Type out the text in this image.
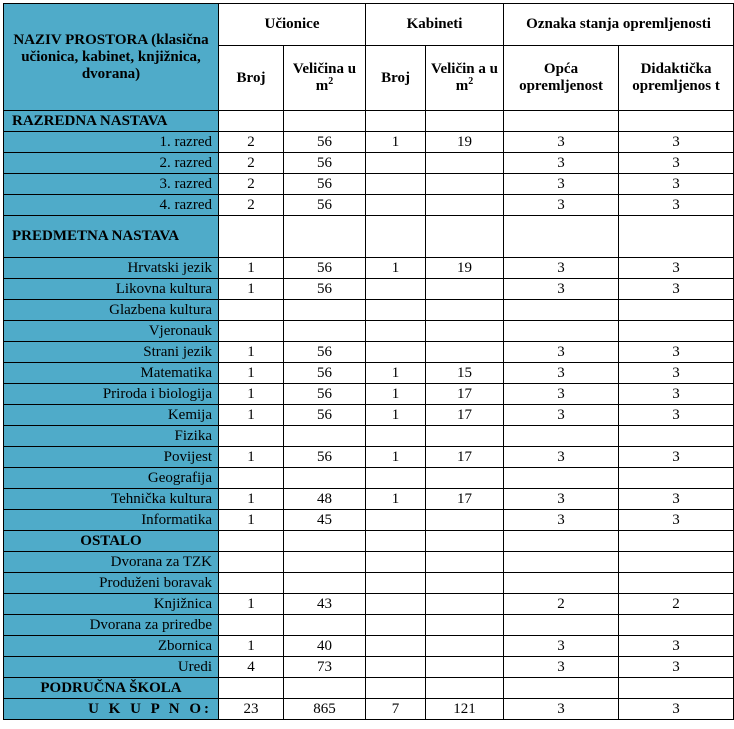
NAZIV PROSTORA (klasična učionica, kabinet, knjižnica, dvorana)	Učionice		Kabineti		Oznaka stanja opremljenosti	
	Broj	Veličina u $m^2$	Broj	Veličin a u $m^2$	Opća opremljenost	Didaktička opremljenos t
RAZREDNA NASTAVA						
1. razred	2	56	1	19	3	3
2. razred	2	56			3	3
3. razred	2	56			3	3
4. razred	2	56			3	3
PREDMETNA NASTAVA						
Hrvatski jezik	1	56	1	19	3	3
Likovna kultura	1	56			3	3
Glazbena kultura						
Vjeronauk						
Strani jezik	1	56			3	3
Matematika	1	56	1	15	3	3
Priroda i biologija	1	56	1	17	3	3
Kemija	1	56	1	17	3	3
Fizika						
Povijest	1	56	1	17	3	3
Geografija						
Tehnička kultura	1	48	1	17	3	3
Informatika	1	45			3	3
OSTALO						
Dvorana za TZK						
Produženi boravak						
Knjižnica	1	43			2	2
Dvorana za priredbe						
Zbornica	1	40			3	3
Uredi	4	73			3	3
PODRUČNA ŠKOLA						
U K U P N O:	23	865	7	121	3	3
